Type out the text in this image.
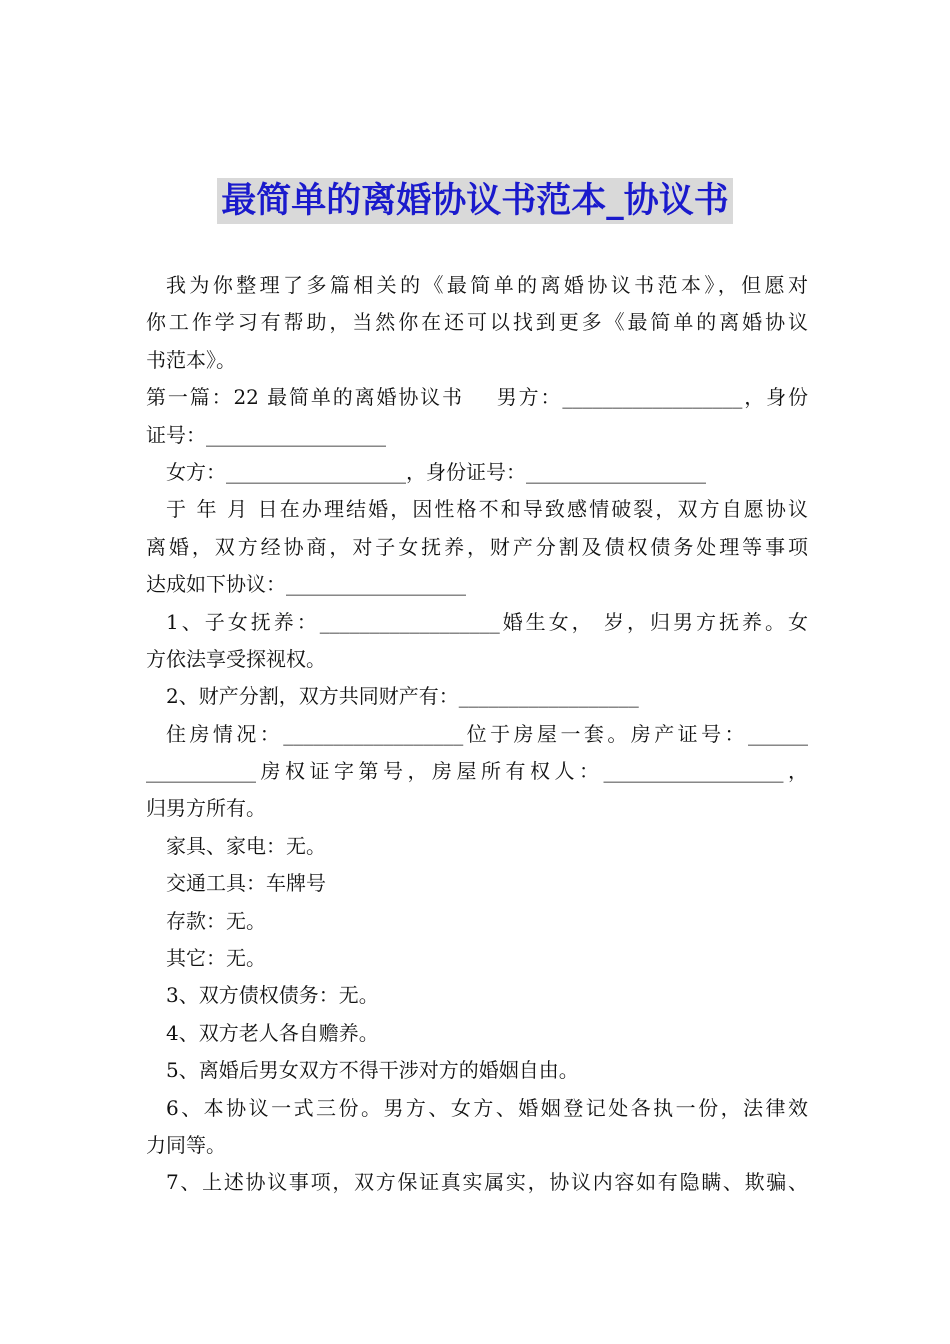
最简单的离婚协议书范本_协议书
我为你整理了多篇相关的《最简单的离婚协议书范本》，但愿对
你工作学习有帮助，当然你在还可以找到更多《最简单的离婚协议
书范本》。
第一篇：22 最简单的离婚协议书    男方：__________________，身份
证号：__________________
女方：__________________，身份证号：__________________
于 年 月 日在办理结婚，因性格不和导致感情破裂，双方自愿协议
离婚，双方经协商，对子女抚养，财产分割及债权债务处理等事项
达成如下协议：__________________
1、子女抚养：__________________婚生女， 岁，归男方抚养。女
方依法享受探视权。
2、财产分割，双方共同财产有：__________________
住房情况：__________________位于房屋一套。房产证号：______
___________房权证字第号，房屋所有权人：__________________，
归男方所有。
家具、家电：无。
交通工具：车牌号
存款：无。
其它：无。
3、双方债权债务：无。
4、双方老人各自赡养。
5、离婚后男女双方不得干涉对方的婚姻自由。
6、本协议一式三份。男方、女方、婚姻登记处各执一份，法律效
力同等。
7、上述协议事项，双方保证真实属实，协议内容如有隐瞒、欺骗、
